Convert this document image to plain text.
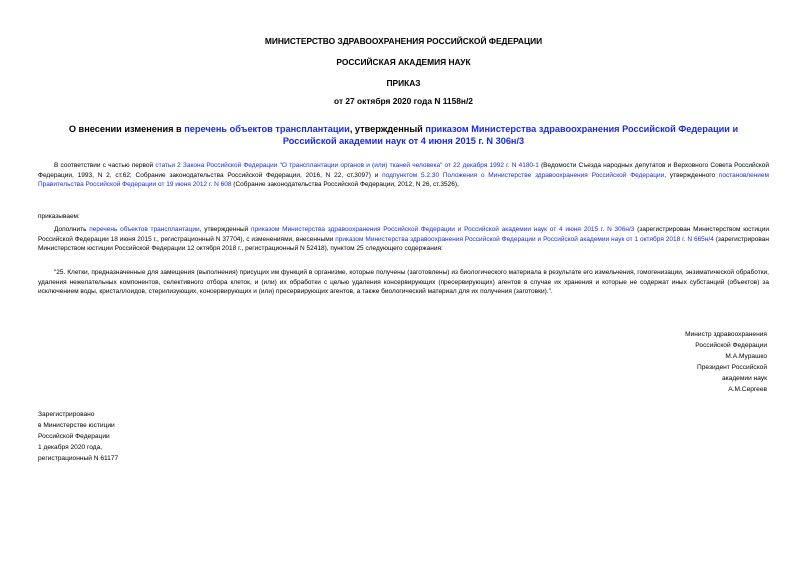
МИНИСТЕРСТВО ЗДРАВООХРАНЕНИЯ РОССИЙСКОЙ ФЕДЕРАЦИИ
РОССИЙСКАЯ АКАДЕМИЯ НАУК
ПРИКАЗ
от 27 октября 2020 года N 1158н/2
О внесении изменения в перечень объектов трансплантации, утвержденный приказом Министерства здравоохранения Российской Федерации и Российской академии наук от 4 июня 2015 г. N 306н/3
В соответствии с частью первой статьи 2 Закона Российской Федерации "О трансплантации органов и (или) тканей человека" от 22 декабря 1992 г. N 4180-1 (Ведомости Съезда народных депутатов и Верховного Совета Российской Федерации, 1993, N 2, ст.62; Собрание законодательства Российской Федерации, 2016, N 22, ст.3097) и подпунктом 5.2.30 Положения о Министерстве здравоохранения Российской Федерации, утвержденного постановлением Правительства Российской Федерации от 19 июня 2012 г. N 608 (Собрание законодательства Российской Федерации, 2012, N 26, ст.3526),
приказываем:
Дополнить перечень объектов трансплантации, утвержденный приказом Министерства здравоохранения Российской Федерации и Российской академии наук от 4 июня 2015 г. N 306н/3 (зарегистрирован Министерством юстиции Российской Федерации 18 июня 2015 г., регистрационный N 37704), с изменениями, внесенными приказом Министерства здравоохранения Российской Федерации и Российской академии наук от 1 октября 2018 г. N 665н/4 (зарегистрирован Министерством юстиции Российской Федерации 12 октября 2018 г., регистрационный N 52418), пунктом 25 следующего содержания:
"25. Клетки, предназначенные для замещения (выполнения) присущих им функций в организме, которые получены (заготовлены) из биологического материала в результате его измельчения, гомогенизации, энзиматической обработки, удаления нежелательных компонентов, селективного отбора клеток, и (или) их обработки с целью удаления консервирующих (пресервирующих) агентов в случае их хранения и которые не содержат иных субстанций (объектов) за исключением воды, кристаллоидов, стерилизующих, консервирующих и (или) пресервирующих агентов, а также биологический материал для их получения (заготовки).".
Министр здравоохранения
Российской Федерации
М.А.Мурашко
Президент Российской
академии наук
А.М.Сергеев
Зарегистрировано
в Министерстве юстиции
Российской Федерации
1 декабря 2020 года,
регистрационный N 61177
